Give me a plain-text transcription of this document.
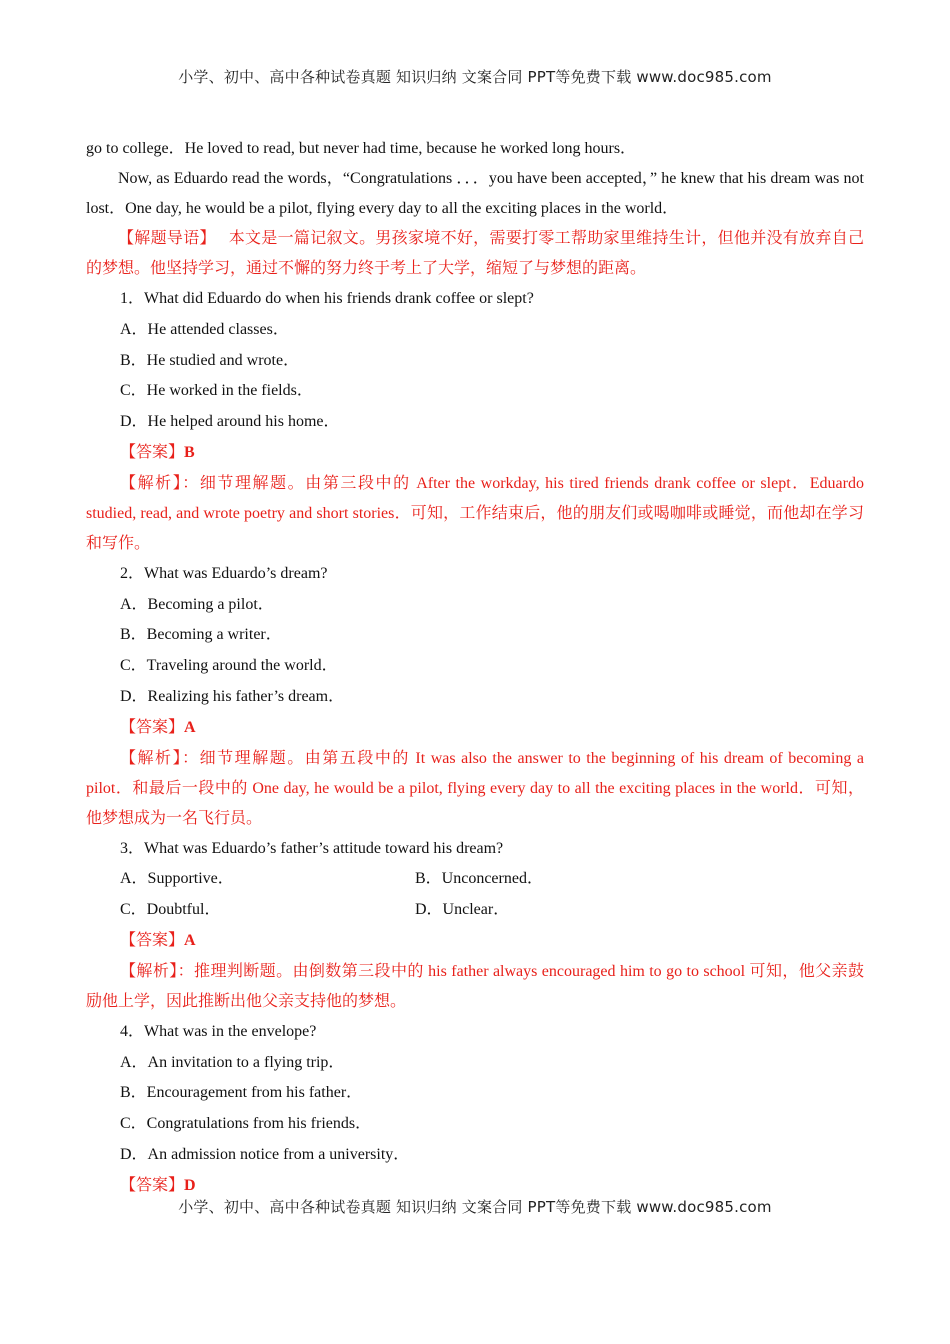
小学、初中、高中各种试卷真题 知识归纳 文案合同 PPT等免费下载 www.doc985.com

go to college．He loved to read, but never had time, because he worked long hours．

Now, as Eduardo read the words，“Congratulations ．．．you have been accepted，” he knew that his dream was not lost．One day, he would be a pilot, flying every day to all the exciting places in the world．

【解题导语】 本文是一篇记叙文。男孩家境不好，需要打零工帮助家里维持生计，但他并没有放弃自己的梦想。他坚持学习，通过不懈的努力终于考上了大学，缩短了与梦想的距离。

1．What did Eduardo do when his friends drank coffee or slept?

A．He attended classes．

B．He studied and wrote．

C．He worked in the fields．

D．He helped around his home．

【答案】B

【解析】：细节理解题。由第三段中的 After the workday, his tired friends drank coffee or slept．Eduardo studied, read, and wrote poetry and short stories．可知，工作结束后，他的朋友们或喝咖啡或睡觉，而他却在学习和写作。

2．What was Eduardo’s dream?

A．Becoming a pilot．

B．Becoming a writer．

C．Traveling around the world．

D．Realizing his father’s dream．

【答案】A

【解析】：细节理解题。由第五段中的 It was also the answer to the beginning of his dream of becoming a pilot．和最后一段中的 One day, he would be a pilot, flying every day to all the exciting places in the world．可知，他梦想成为一名飞行员。

3．What was Eduardo’s father’s attitude toward his dream?

A．Supportive．	B．Unconcerned．

C．Doubtful．	D．Unclear．

【答案】A

【解析】：推理判断题。由倒数第三段中的 his father always encouraged him to go to school 可知，他父亲鼓励他上学，因此推断出他父亲支持他的梦想。

4．What was in the envelope?

A．An invitation to a flying trip．

B．Encouragement from his father．

C．Congratulations from his friends．

D．An admission notice from a university．

【答案】D

小学、初中、高中各种试卷真题 知识归纳 文案合同 PPT等免费下载 www.doc985.com
